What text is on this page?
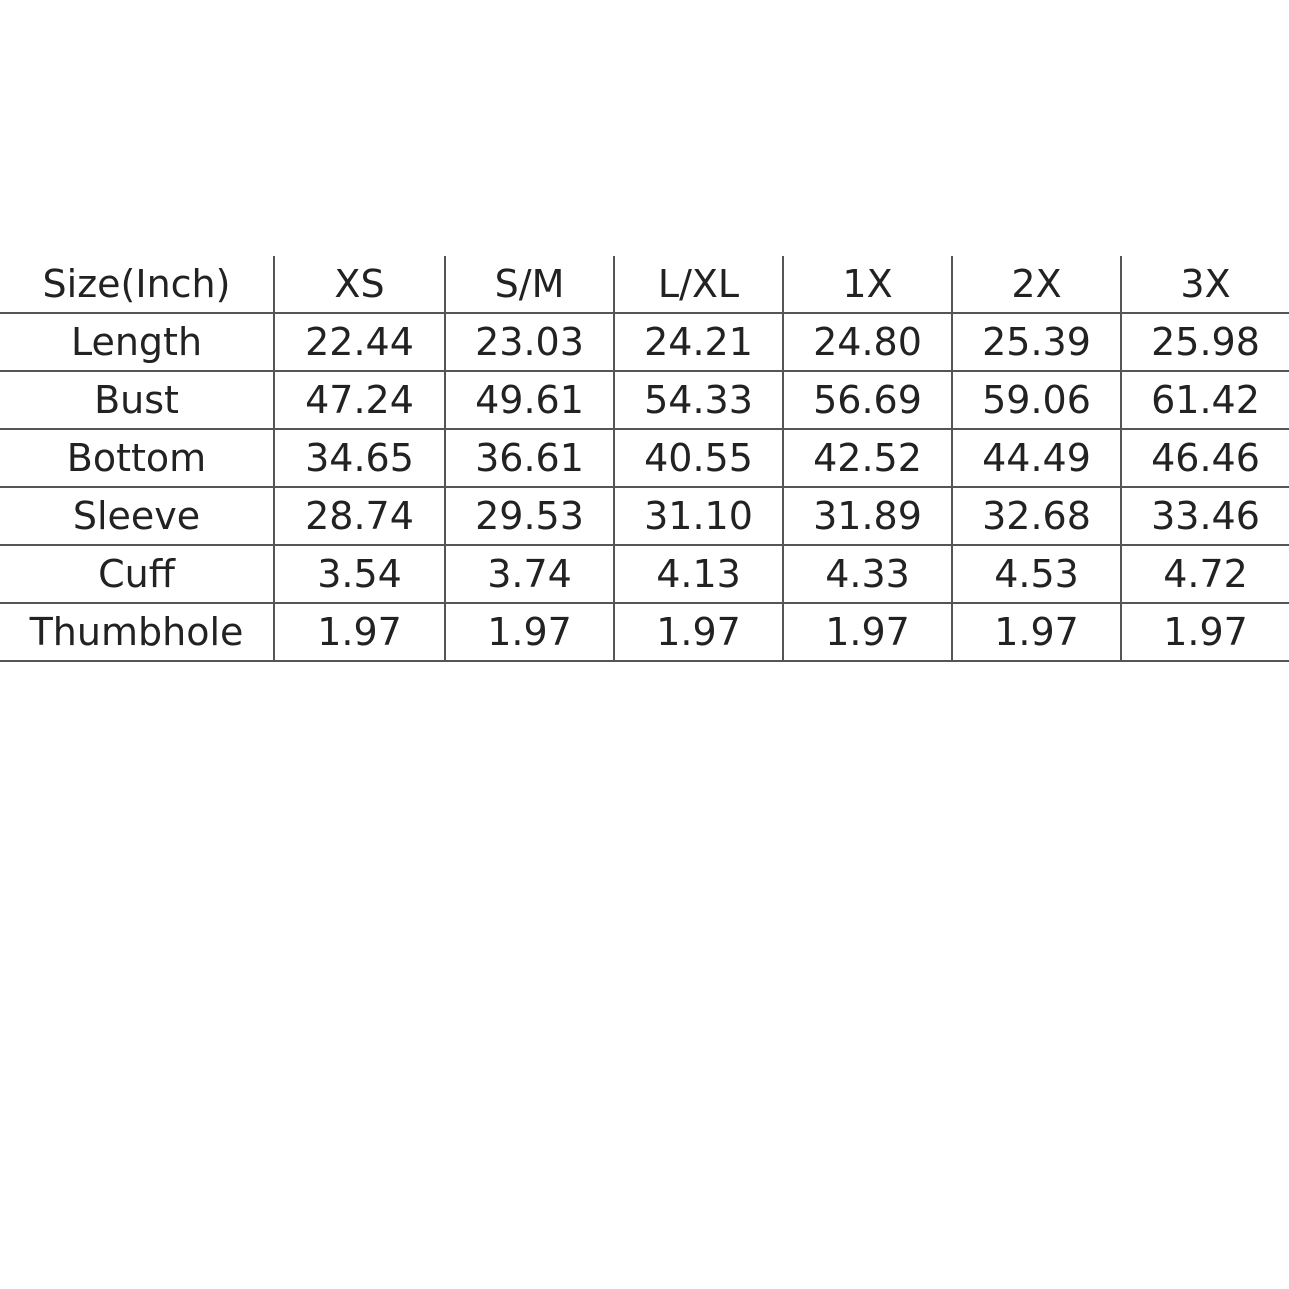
Size(Inch)	XS	S/M	L/XL	1X	2X	3X
Length	22.44	23.03	24.21	24.80	25.39	25.98
Bust	47.24	49.61	54.33	56.69	59.06	61.42
Bottom	34.65	36.61	40.55	42.52	44.49	46.46
Sleeve	28.74	29.53	31.10	31.89	32.68	33.46
Cuff	3.54	3.74	4.13	4.33	4.53	4.72
Thumbhole	1.97	1.97	1.97	1.97	1.97	1.97
